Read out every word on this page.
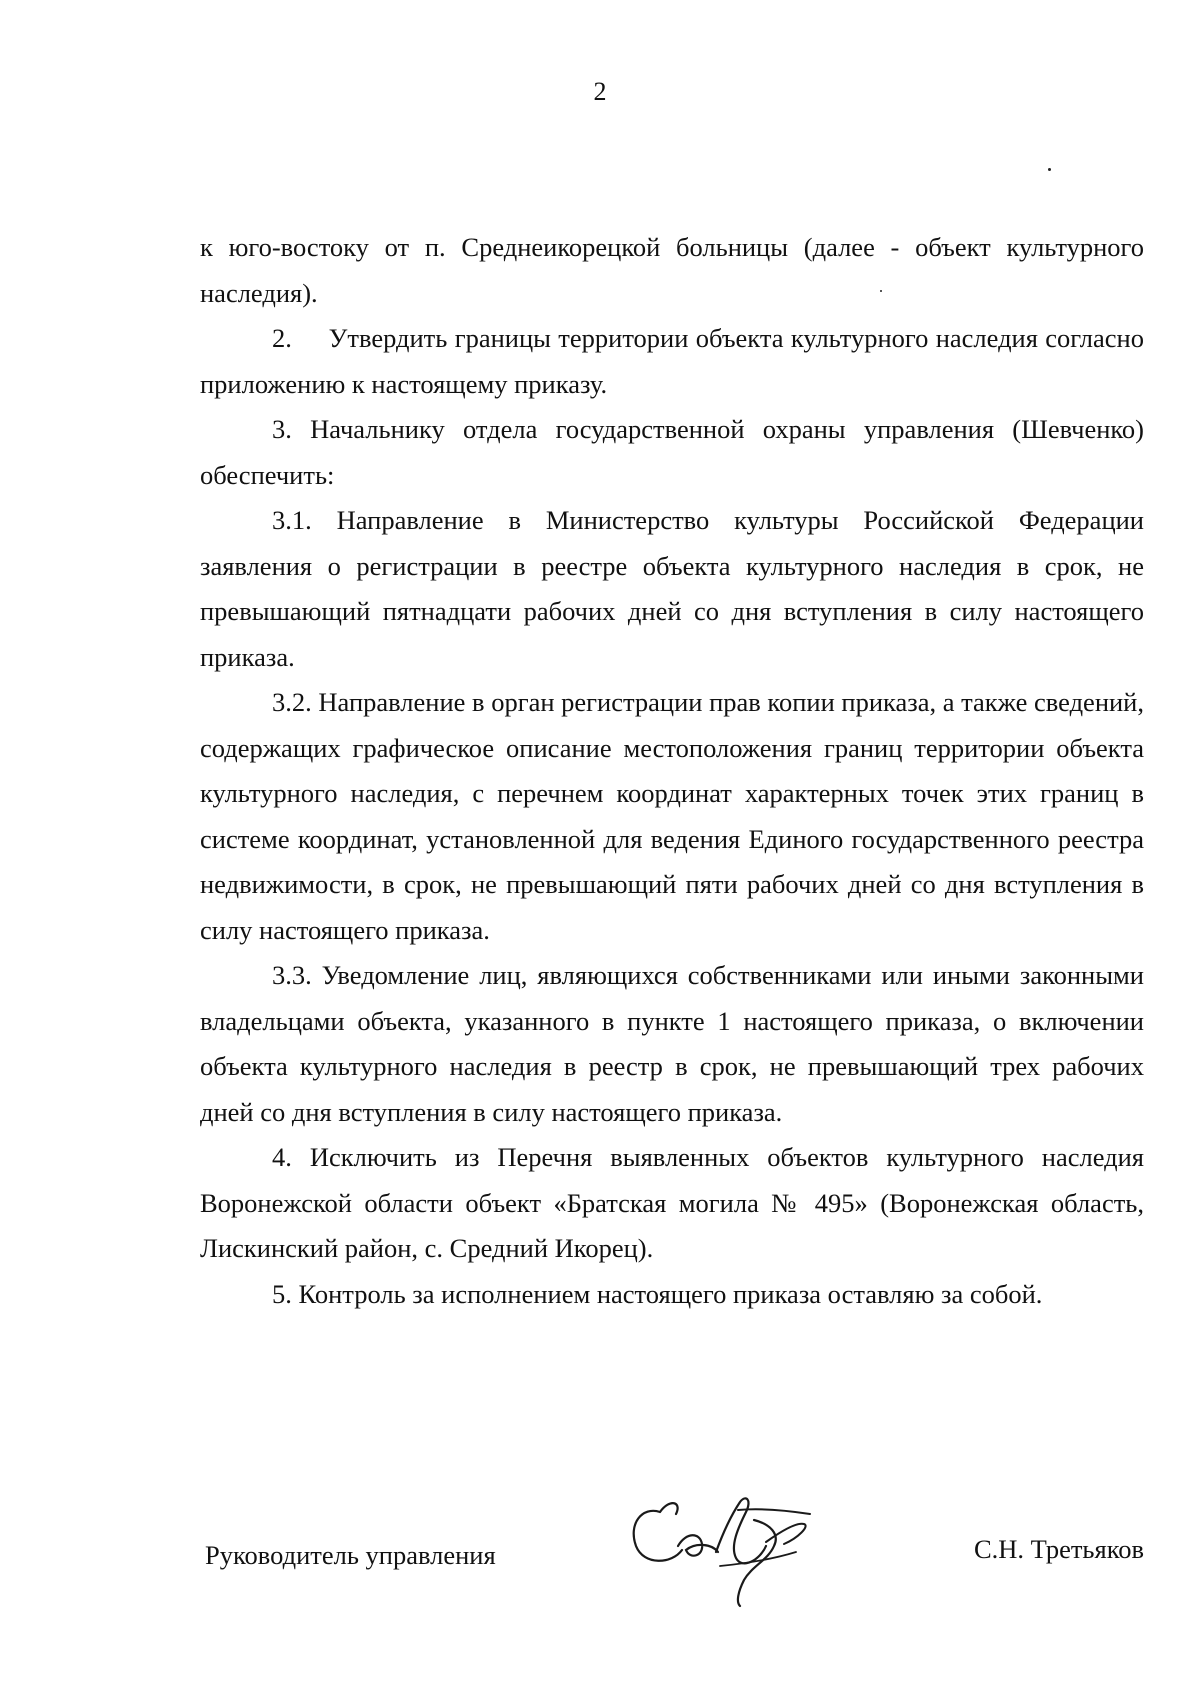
2

к юго-востоку от п. Среднеикорецкой больницы (далее - объект культурного наследия).

2.     Утвердить границы территории объекта культурного наследия согласно приложению к настоящему приказу.

3. Начальнику отдела государственной охраны управления (Шевченко) обеспечить:

3.1. Направление в Министерство культуры Российской Федерации заявления о регистрации в реестре объекта культурного наследия в срок, не превышающий пятнадцати рабочих дней со дня вступления в силу настоящего приказа.

3.2. Направление в орган регистрации прав копии приказа, а также сведений, содержащих графическое описание местоположения границ территории объекта культурного наследия, с перечнем координат характерных точек этих границ в системе координат, установленной для ведения Единого государственного реестра недвижимости, в срок, не превышающий пяти рабочих дней со дня вступления в силу настоящего приказа.

3.3. Уведомление лиц, являющихся собственниками или иными законными владельцами объекта, указанного в пункте 1 настоящего приказа, о включении объекта культурного наследия в реестр в срок, не превышающий трех рабочих дней со дня вступления в силу настоящего приказа.

4. Исключить из Перечня выявленных объектов культурного наследия Воронежской области объект «Братская могила № 495» (Воронежская область, Лискинский район, с. Средний Икорец).

5. Контроль за исполнением настоящего приказа оставляю за собой.

Руководитель управления	С.Н. Третьяков
